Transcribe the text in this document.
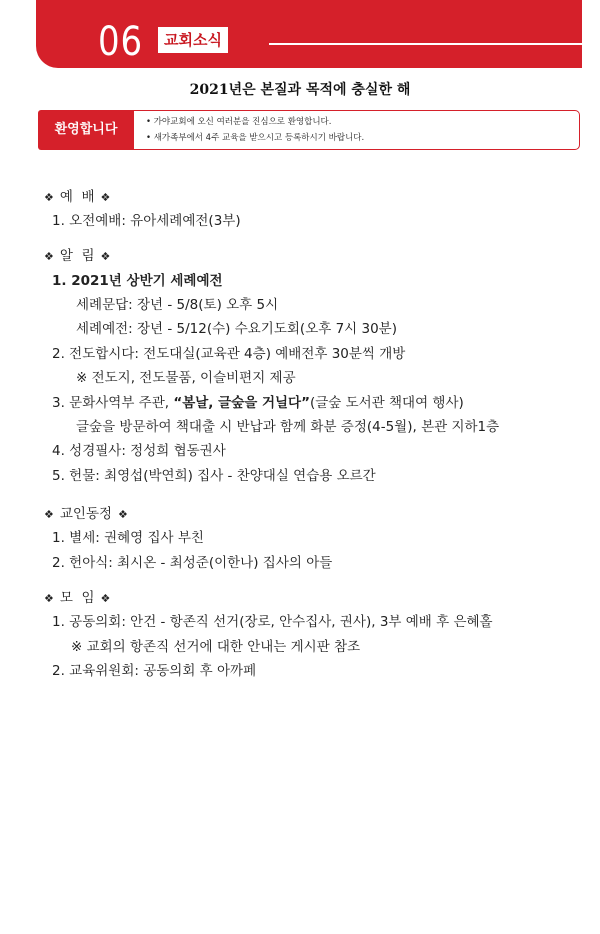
06	교회소식
2021년은 본질과 목적에 충실한 해
환영합니다	• 가야교회에 오신 여러분을 진심으로 환영합니다.
• 새가족부에서 4주 교육을 받으시고 등록하시기 바랍니다.
❖ 예  배 ❖
1. 오전예배: 유아세례예전(3부)
❖ 알  림 ❖
1. 2021년 상반기 세례예전
세례문답: 장년 - 5/8(토) 오후 5시
세례예전: 장년 - 5/12(수) 수요기도회(오후 7시 30분)
2. 전도합시다: 전도대실(교육관 4층) 예배전후 30분씩 개방
※ 전도지, 전도물품, 이슬비편지 제공
3. 문화사역부 주관, “봄날, 글숲을 거닐다”(글숲 도서관 책대여 행사)
글숲을 방문하여 책대출 시 반납과 함께 화분 증정(4-5월), 본관 지하1층
4. 성경필사: 정성희 협동권사
5. 헌물: 최영섭(박연희) 집사 - 찬양대실 연습용 오르간
❖ 교인동정 ❖
1. 별세: 권혜영 집사 부친
2. 헌아식: 최시온 - 최성준(이한나) 집사의 아들
❖ 모  임 ❖
1. 공동의회: 안건 - 항존직 선거(장로, 안수집사, 권사), 3부 예배 후 은혜홀
※ 교회의 항존직 선거에 대한 안내는 게시판 참조
2. 교육위원회: 공동의회 후 아까페
